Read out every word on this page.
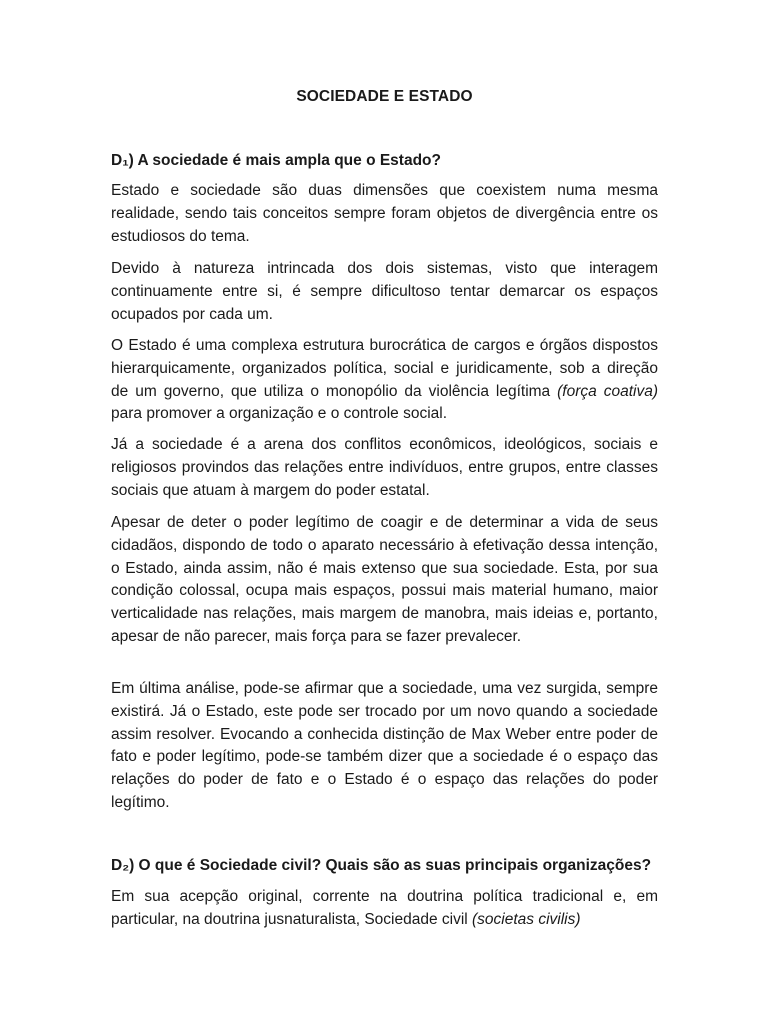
SOCIEDADE E ESTADO
D₁) A sociedade é mais ampla que o Estado?

Estado e sociedade são duas dimensões que coexistem numa mesma realidade, sendo tais conceitos sempre foram objetos de divergência entre os estudiosos do tema.

Devido à natureza intrincada dos dois sistemas, visto que interagem continuamente entre si, é sempre dificultoso tentar demarcar os espaços ocupados por cada um.

O Estado é uma complexa estrutura burocrática de cargos e órgãos dispostos hierarquicamente, organizados política, social e juridicamente, sob a direção de um governo, que utiliza o monopólio da violência legítima (força coativa) para promover a organização e o controle social.

Já a sociedade é a arena dos conflitos econômicos, ideológicos, sociais e religiosos provindos das relações entre indivíduos, entre grupos, entre classes sociais que atuam à margem do poder estatal.

Apesar de deter o poder legítimo de coagir e de determinar a vida de seus cidadãos, dispondo de todo o aparato necessário à efetivação dessa intenção, o Estado, ainda assim, não é mais extenso que sua sociedade. Esta, por sua condição colossal, ocupa mais espaços, possui mais material humano, maior verticalidade nas relações, mais margem de manobra, mais ideias e, portanto, apesar de não parecer, mais força para se fazer prevalecer.

Em última análise, pode-se afirmar que a sociedade, uma vez surgida, sempre existirá. Já o Estado, este pode ser trocado por um novo quando a sociedade assim resolver. Evocando a conhecida distinção de Max Weber entre poder de fato e poder legítimo, pode-se também dizer que a sociedade é o espaço das relações do poder de fato e o Estado é o espaço das relações do poder legítimo.

D₂) O que é Sociedade civil? Quais são as suas principais organizações?

Em sua acepção original, corrente na doutrina política tradicional e, em particular, na doutrina jusnaturalista, Sociedade civil (societas civilis)
